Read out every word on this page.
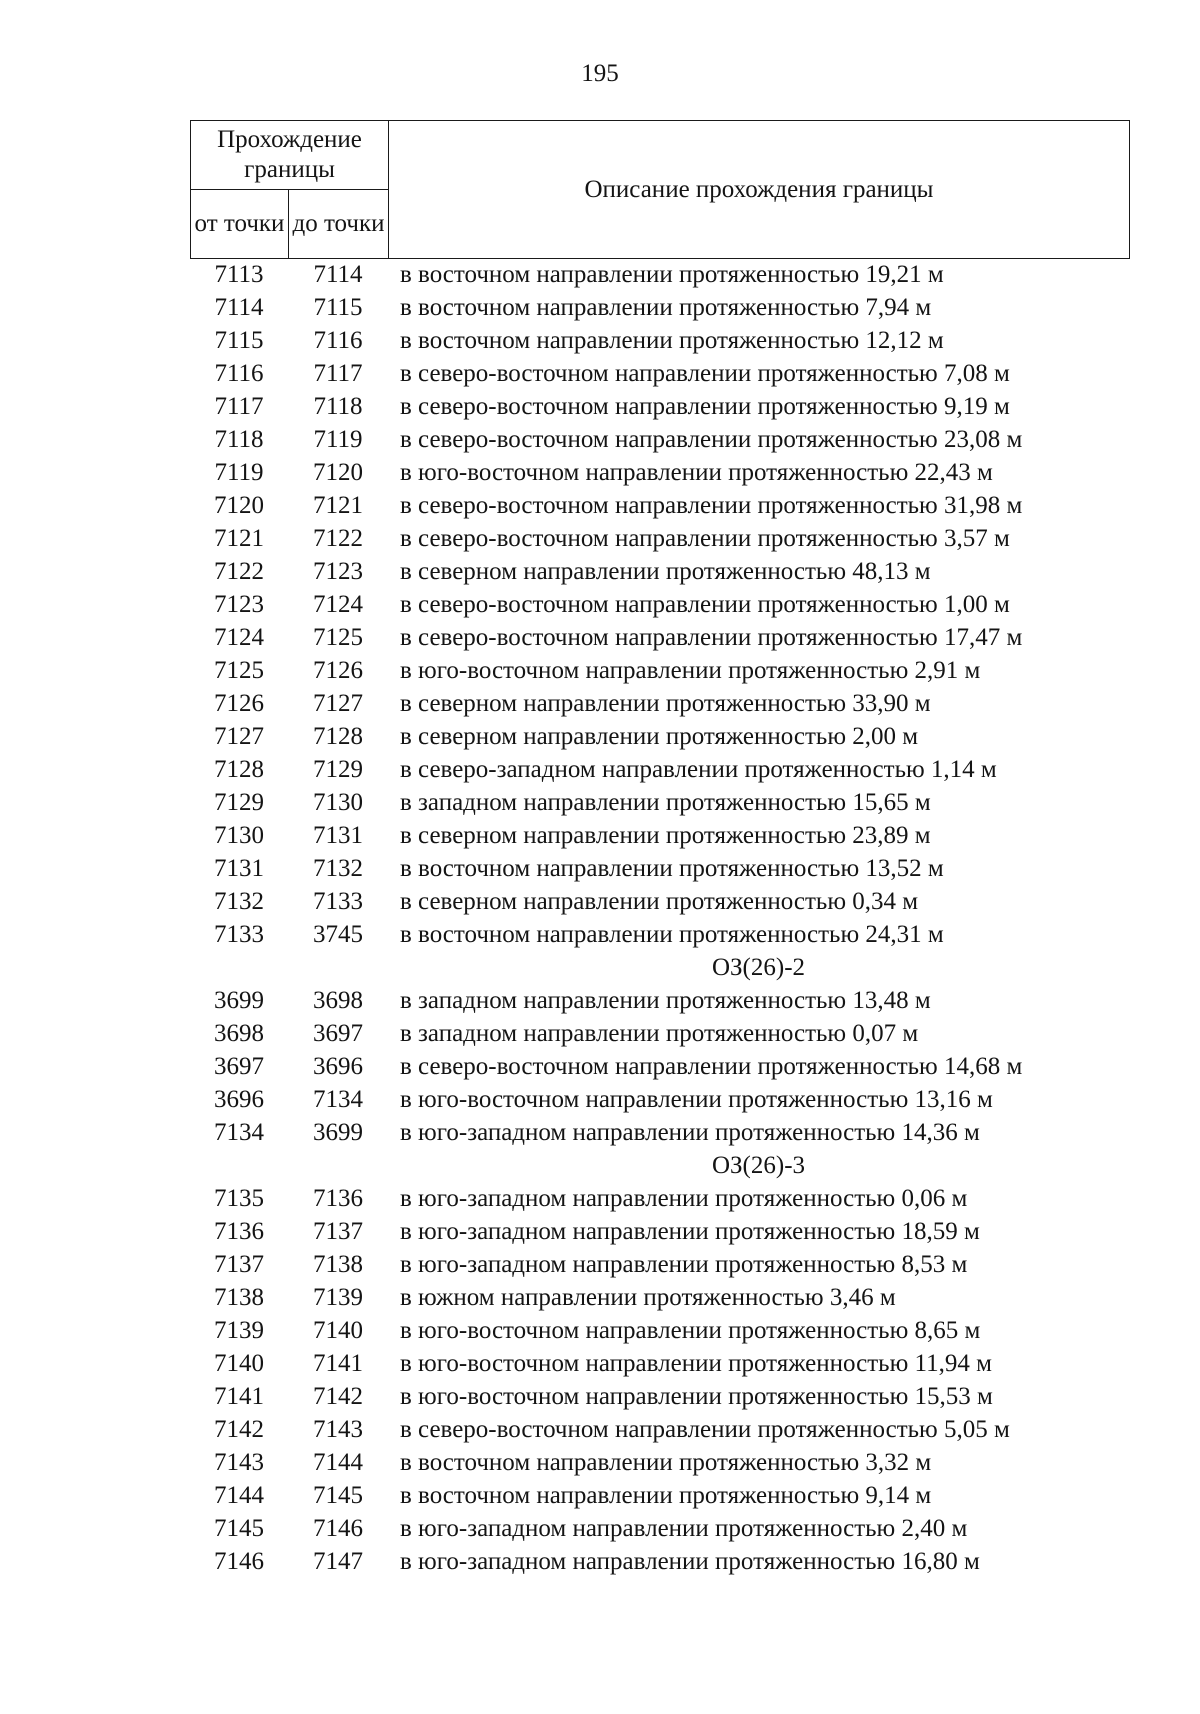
195
Прохождение границы		Описание прохождения границы
от точки	до точки	
7113	7114	в восточном направлении протяженностью 19,21 м
7114	7115	в восточном направлении протяженностью 7,94 м
7115	7116	в восточном направлении протяженностью 12,12 м
7116	7117	в северо-восточном направлении протяженностью 7,08 м
7117	7118	в северо-восточном направлении протяженностью 9,19 м
7118	7119	в северо-восточном направлении протяженностью 23,08 м
7119	7120	в юго-восточном направлении протяженностью 22,43 м
7120	7121	в северо-восточном направлении протяженностью 31,98 м
7121	7122	в северо-восточном направлении протяженностью 3,57 м
7122	7123	в северном направлении протяженностью 48,13 м
7123	7124	в северо-восточном направлении протяженностью 1,00 м
7124	7125	в северо-восточном направлении протяженностью 17,47 м
7125	7126	в юго-восточном направлении протяженностью 2,91 м
7126	7127	в северном направлении протяженностью 33,90 м
7127	7128	в северном направлении протяженностью 2,00 м
7128	7129	в северо-западном направлении протяженностью 1,14 м
7129	7130	в западном направлении протяженностью 15,65 м
7130	7131	в северном направлении протяженностью 23,89 м
7131	7132	в восточном направлении протяженностью 13,52 м
7132	7133	в северном направлении протяженностью 0,34 м
7133	3745	в восточном направлении протяженностью 24,31 м
ОЗ(26)-2
3699	3698	в западном направлении протяженностью 13,48 м
3698	3697	в западном направлении протяженностью 0,07 м
3697	3696	в северо-восточном направлении протяженностью 14,68 м
3696	7134	в юго-восточном направлении протяженностью 13,16 м
7134	3699	в юго-западном направлении протяженностью 14,36 м
ОЗ(26)-3
7135	7136	в юго-западном направлении протяженностью 0,06 м
7136	7137	в юго-западном направлении протяженностью 18,59 м
7137	7138	в юго-западном направлении протяженностью 8,53 м
7138	7139	в южном направлении протяженностью 3,46 м
7139	7140	в юго-восточном направлении протяженностью 8,65 м
7140	7141	в юго-восточном направлении протяженностью 11,94 м
7141	7142	в юго-восточном направлении протяженностью 15,53 м
7142	7143	в северо-восточном направлении протяженностью 5,05 м
7143	7144	в восточном направлении протяженностью 3,32 м
7144	7145	в восточном направлении протяженностью 9,14 м
7145	7146	в юго-западном направлении протяженностью 2,40 м
7146	7147	в юго-западном направлении протяженностью 16,80 м
